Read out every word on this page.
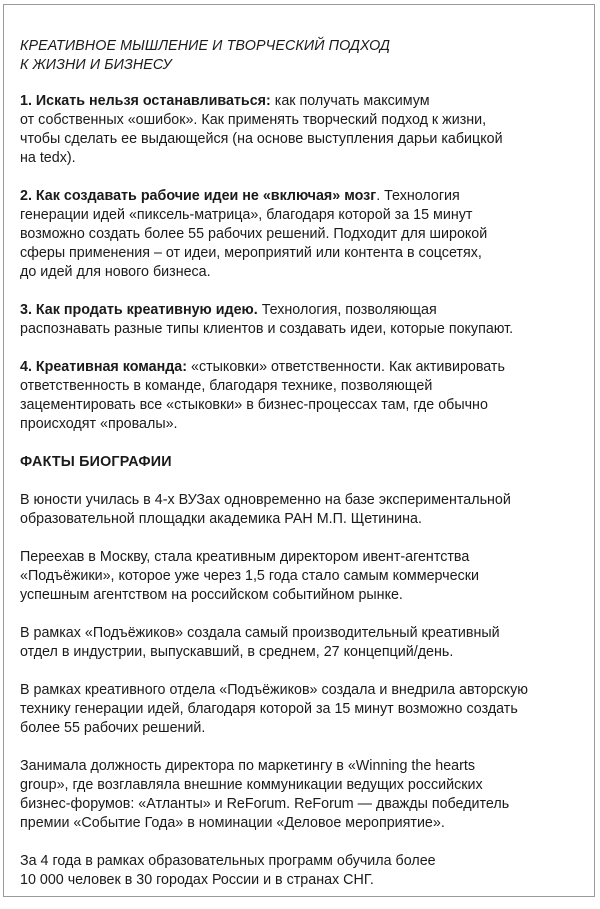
КРЕАТИВНОЕ МЫШЛЕНИЕ И ТВОРЧЕСКИЙ ПОДХОД
К ЖИЗНИ И БИЗНЕСУ
1. Искать нельзя останавливаться: как получать максимум
от собственных «ошибок». Как применять творческий подход к жизни,
чтобы сделать ее выдающейся (на основе выступления дарьи кабицкой
на tedx).
2. Как создавать рабочие идеи не «включая» мозг. Технология
генерации идей «пиксель-матрица», благодаря которой за 15 минут
возможно создать более 55 рабочих решений. Подходит для широкой
сферы применения – от идеи, мероприятий или контента в соцсетях,
до идей для нового бизнеса.
3. Как продать креативную идею. Технология, позволяющая
распознавать разные типы клиентов и создавать идеи, которые покупают.
4. Креативная команда: «стыковки» ответственности. Как активировать
ответственность в команде, благодаря технике, позволяющей
зацементировать все «стыковки» в бизнес-процессах там, где обычно
происходят «провалы».
ФАКТЫ БИОГРАФИИ
В юности училась в 4-х ВУЗах одновременно на базе экспериментальной
образовательной площадки академика РАН М.П. Щетинина.
Переехав в Москву, стала креативным директором ивент-агентства
«Подъёжики», которое уже через 1,5 года стало самым коммерчески
успешным агентством на российском событийном рынке.
В рамках «Подъёжиков» создала самый производительный креативный
отдел в индустрии, выпускавший, в среднем, 27 концепций/день.
В рамках креативного отдела «Подъёжиков» создала и внедрила авторскую
технику генерации идей, благодаря которой за 15 минут возможно создать
более 55 рабочих решений.
Занимала должность директора по маркетингу в «Winning the hearts
group», где возглавляла внешние коммуникации ведущих российских
бизнес-форумов: «Атланты» и ReForum. ReForum — дважды победитель
премии «Событие Года» в номинации «Деловое мероприятие».
За 4 года в рамках образовательных программ обучила более
10 000 человек в 30 городах России и в странах СНГ.
